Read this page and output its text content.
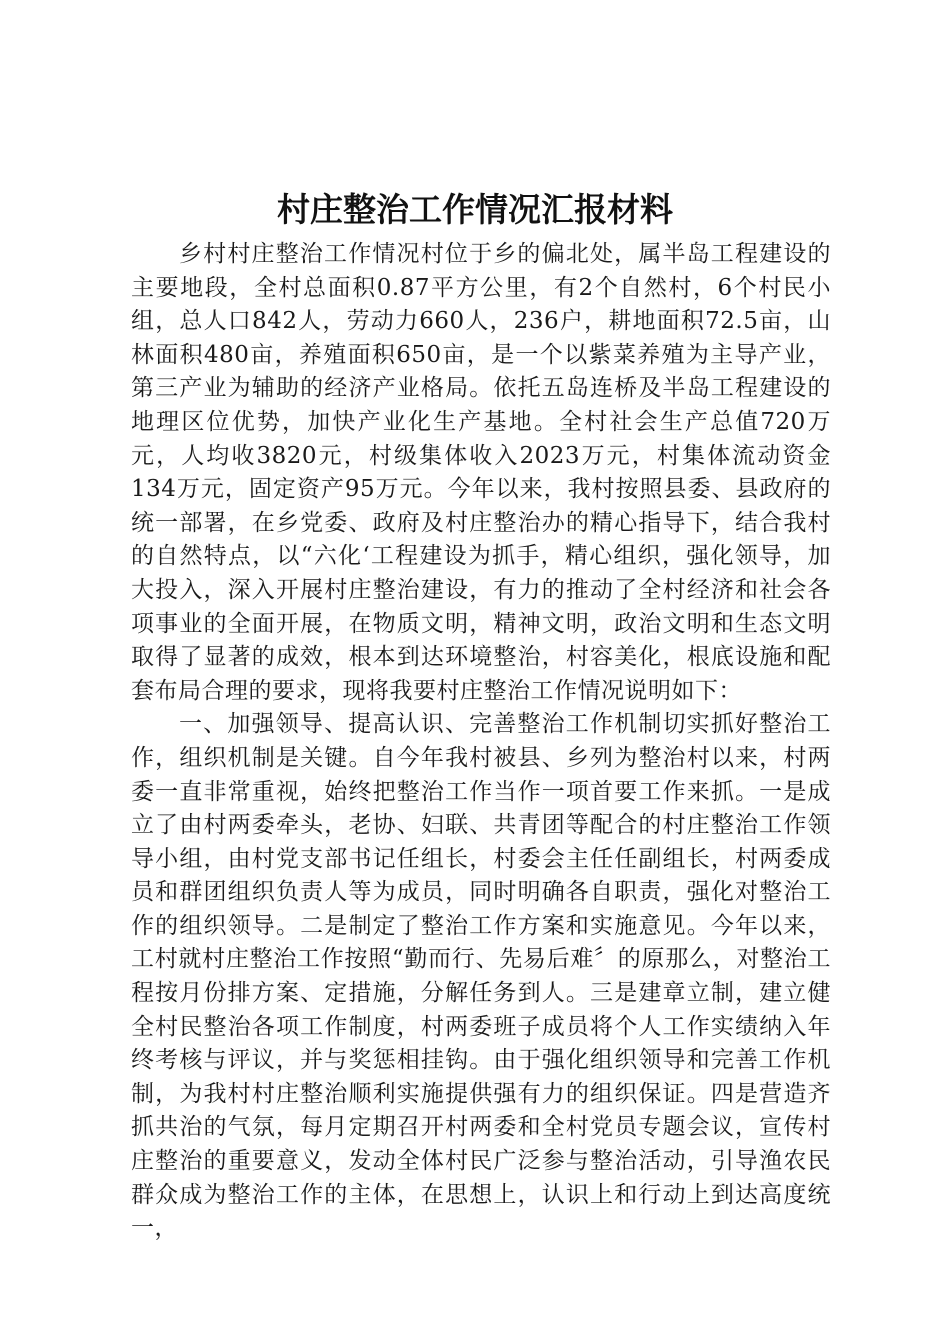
村庄整治工作情况汇报材料

乡村村庄整治工作情况村位于乡的偏北处，属半岛工程建设的主要地段，全村总面积0.87平方公里，有2个自然村，6个村民小组，总人口842人，劳动力660人，236户，耕地面积72.5亩，山林面积480亩，养殖面积650亩，是一个以紫菜养殖为主导产业，第三产业为辅助的经济产业格局。依托五岛连桥及半岛工程建设的地理区位优势，加快产业化生产基地。全村社会生产总值720万元，人均收3820元，村级集体收入2023万元，村集体流动资金134万元，固定资产95万元。今年以来，我村按照县委、县政府的统一部署，在乡党委、政府及村庄整治办的精心指导下，结合我村的自然特点，以“六化‘工程建设为抓手，精心组织，强化领导，加大投入，深入开展村庄整治建设，有力的推动了全村经济和社会各项事业的全面开展，在物质文明，精神文明，政治文明和生态文明取得了显著的成效，根本到达环境整治，村容美化，根底设施和配套布局合理的要求，现将我要村庄整治工作情况说明如下：

一、加强领导、提高认识、完善整治工作机制切实抓好整治工作，组织机制是关键。自今年我村被县、乡列为整治村以来，村两委一直非常重视，始终把整治工作当作一项首要工作来抓。一是成立了由村两委牵头，老协、妇联、共青团等配合的村庄整治工作领导小组，由村党支部书记任组长，村委会主任任副组长，村两委成员和群团组织负责人等为成员，同时明确各自职责，强化对整治工作的组织领导。二是制定了整治工作方案和实施意见。今年以来，工村就村庄整治工作按照“勤而行、先易后难〞的原那么，对整治工程按月份排方案、定措施，分解任务到人。三是建章立制，建立健全村民整治各项工作制度，村两委班子成员将个人工作实绩纳入年终考核与评议，并与奖惩相挂钩。由于强化组织领导和完善工作机制，为我村村庄整治顺利实施提供强有力的组织保证。四是营造齐抓共治的气氛，每月定期召开村两委和全村党员专题会议，宣传村庄整治的重要意义，发动全体村民广泛参与整治活动，引导渔农民群众成为整治工作的主体，在思想上，认识上和行动上到达高度统一，
